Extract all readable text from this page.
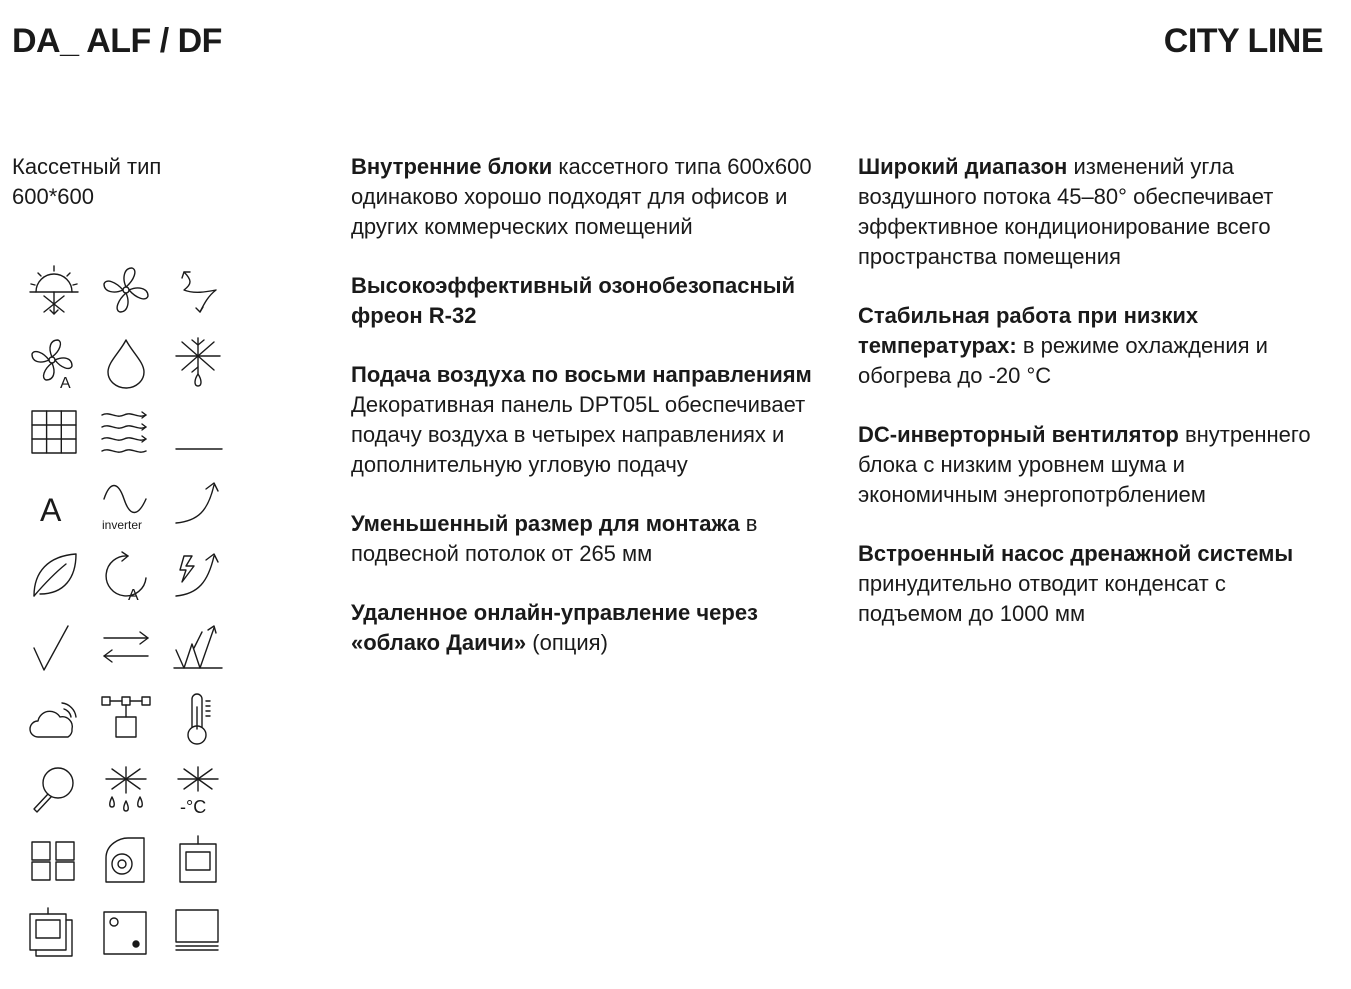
DA_ ALF / DF	CITY LINE
Кассетный тип
600*600
A
A	inverter
A
-°C
Внутренние блоки кассетного типа 600х600 одинаково хорошо подходят для офисов и других коммерческих помещений
Высокоэффективный озонобезопасный фреон R-32
Подача воздуха по восьми направлениям Декоративная панель DPT05L обеспечивает подачу воздуха в четырех направлениях и дополнительную угловую подачу
Уменьшенный размер для монтажа в подвесной потолок от 265 мм
Удаленное онлайн-управление через «облако Даичи» (опция)
Широкий диапазон изменений угла воздушного потока 45–80° обеспечивает эффективное кондиционирование всего пространства помещения
Стабильная работа при низких температурах: в режиме охлаждения и обогрева до -20 °C
DC-инверторный вентилятор внутреннего блока с низким уровнем шума и экономичным энергопотрблением
Встроенный насос дренажной системы принудительно отводит конденсат с подъемом до 1000 мм
